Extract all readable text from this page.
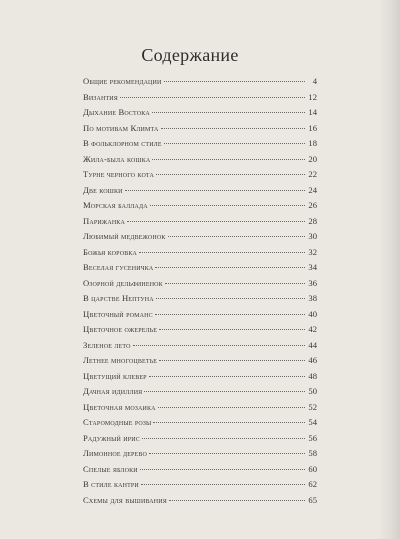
Содержание
Общие рекомендации	4
Византия	12
Дыхание Востока	14
По мотивам Климта	16
В фольклорном стиле	18
Жила-была кошка	20
Турне черного кота	22
Две кошки	24
Морская баллада	26
Парижанка	28
Любимый медвежонок	30
Божья коровка	32
Веселая гусеничка	34
Озорной дельфиненок	36
В царстве Нептуна	38
Цветочный романс	40
Цветочное ожерелье	42
Зеленое лето	44
Летнее многоцветье	46
Цветущий клевер	48
Дачная идиллия	50
Цветочная мозаика	52
Старомодные розы	54
Радужный ирис	56
Лимонное дерево	58
Спелые яблоки	60
В стиле кантри	62
Схемы для вышивания	65
